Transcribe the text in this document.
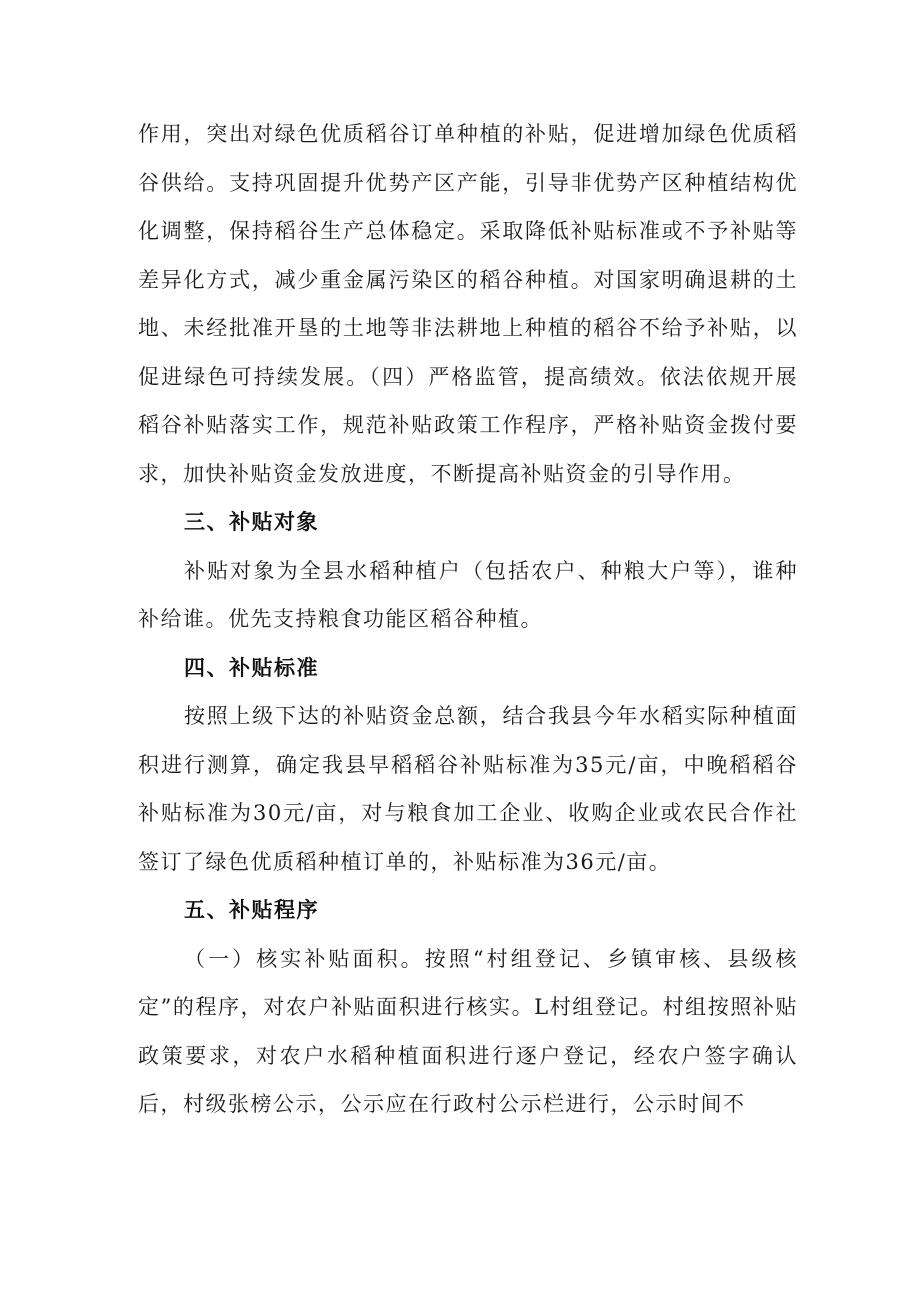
作用，突出对绿色优质稻谷订单种植的补贴，促进增加绿色优质稻谷供给。支持巩固提升优势产区产能，引导非优势产区种植结构优化调整，保持稻谷生产总体稳定。采取降低补贴标准或不予补贴等差异化方式，减少重金属污染区的稻谷种植。对国家明确退耕的土地、未经批准开垦的土地等非法耕地上种植的稻谷不给予补贴，以促进绿色可持续发展。（四）严格监管，提高绩效。依法依规开展稻谷补贴落实工作，规范补贴政策工作程序，严格补贴资金拨付要求，加快补贴资金发放进度，不断提高补贴资金的引导作用。

三、补贴对象

补贴对象为全县水稻种植户（包括农户、种粮大户等），谁种补给谁。优先支持粮食功能区稻谷种植。

四、补贴标准

按照上级下达的补贴资金总额，结合我县今年水稻实际种植面积进行测算，确定我县早稻稻谷补贴标准为35元/亩，中晚稻稻谷补贴标准为30元/亩，对与粮食加工企业、收购企业或农民合作社签订了绿色优质稻种植订单的，补贴标准为36元/亩。

五、补贴程序

（一）核实补贴面积。按照“村组登记、乡镇审核、县级核定”的程序，对农户补贴面积进行核实。L村组登记。村组按照补贴政策要求，对农户水稻种植面积进行逐户登记，经农户签字确认后，村级张榜公示，公示应在行政村公示栏进行，公示时间不
